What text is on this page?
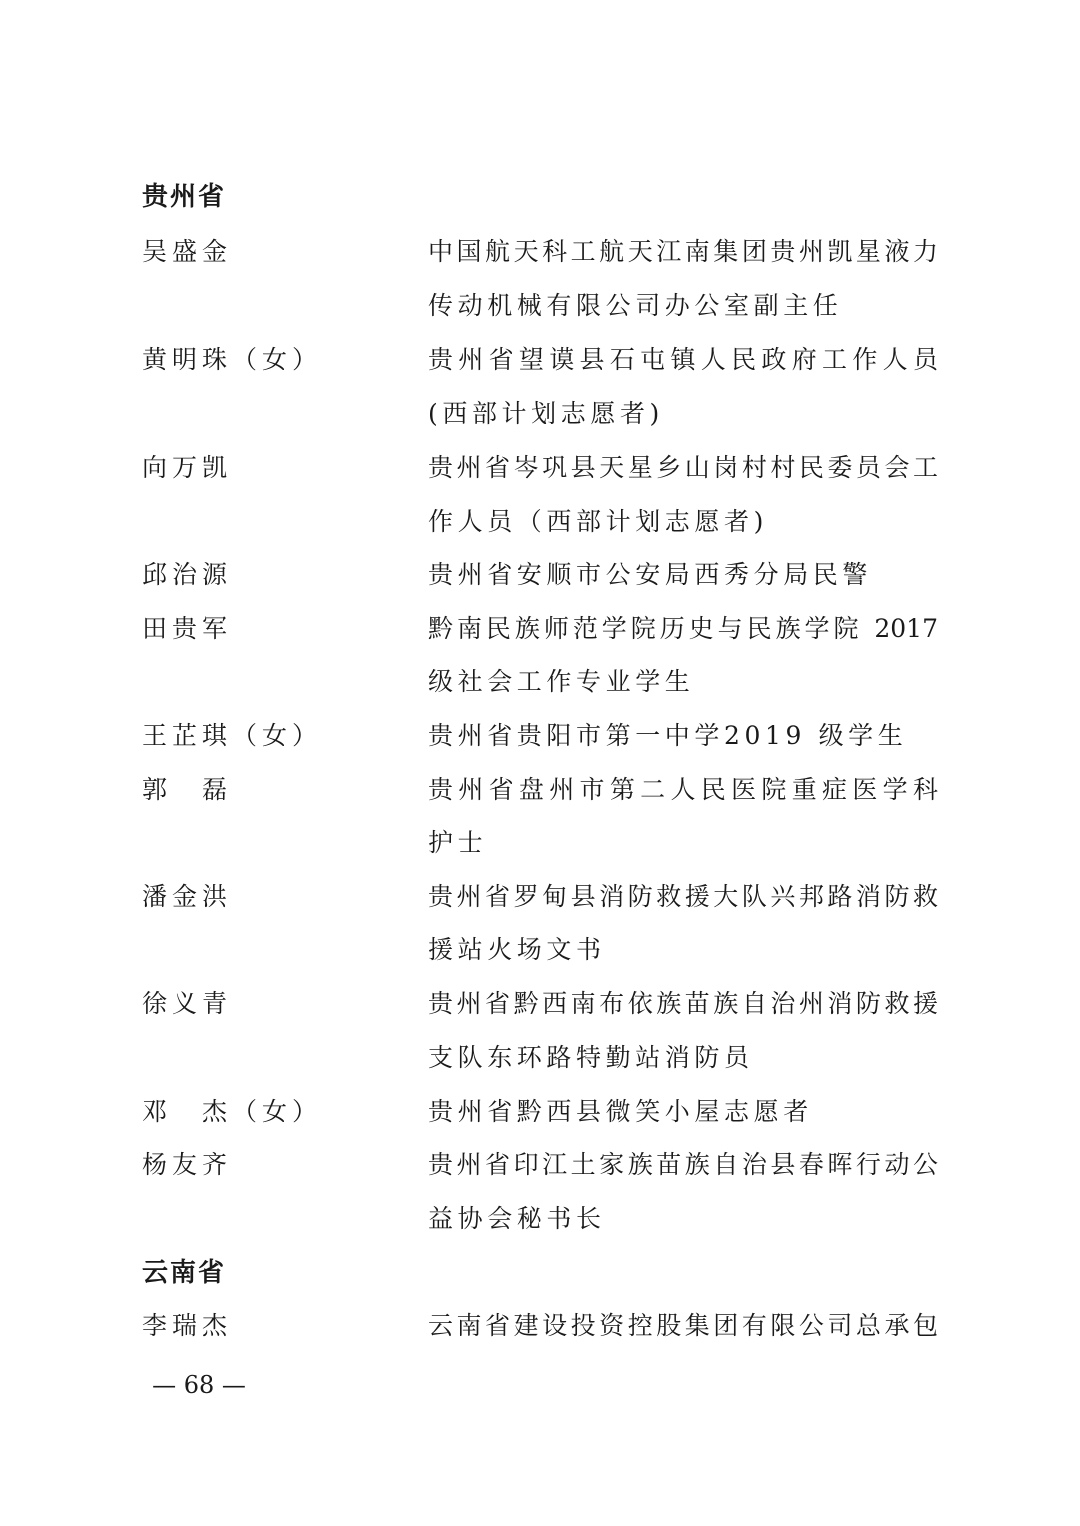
贵州省
吴盛金	中国航天科工航天江南集团贵州凯星液力
传动机械有限公司办公室副主任
黄明珠（女）	贵州省望谟县石屯镇人民政府工作人员
(西部计划志愿者)
向万凯	贵州省岑巩县天星乡山岗村村民委员会工
作人员（西部计划志愿者)
邱治源	贵州省安顺市公安局西秀分局民警
田贵军	黔南民族师范学院历史与民族学院 2017
级社会工作专业学生
王芷琪（女）	贵州省贵阳市第一中学2019 级学生
郭　磊	贵州省盘州市第二人民医院重症医学科
护士
潘金洪	贵州省罗甸县消防救援大队兴邦路消防救
援站火场文书
徐义青	贵州省黔西南布依族苗族自治州消防救援
支队东环路特勤站消防员
邓　杰（女）	贵州省黔西县微笑小屋志愿者
杨友齐	贵州省印江土家族苗族自治县春晖行动公
益协会秘书长
云南省
李瑞杰	云南省建设投资控股集团有限公司总承包
— 68 —
